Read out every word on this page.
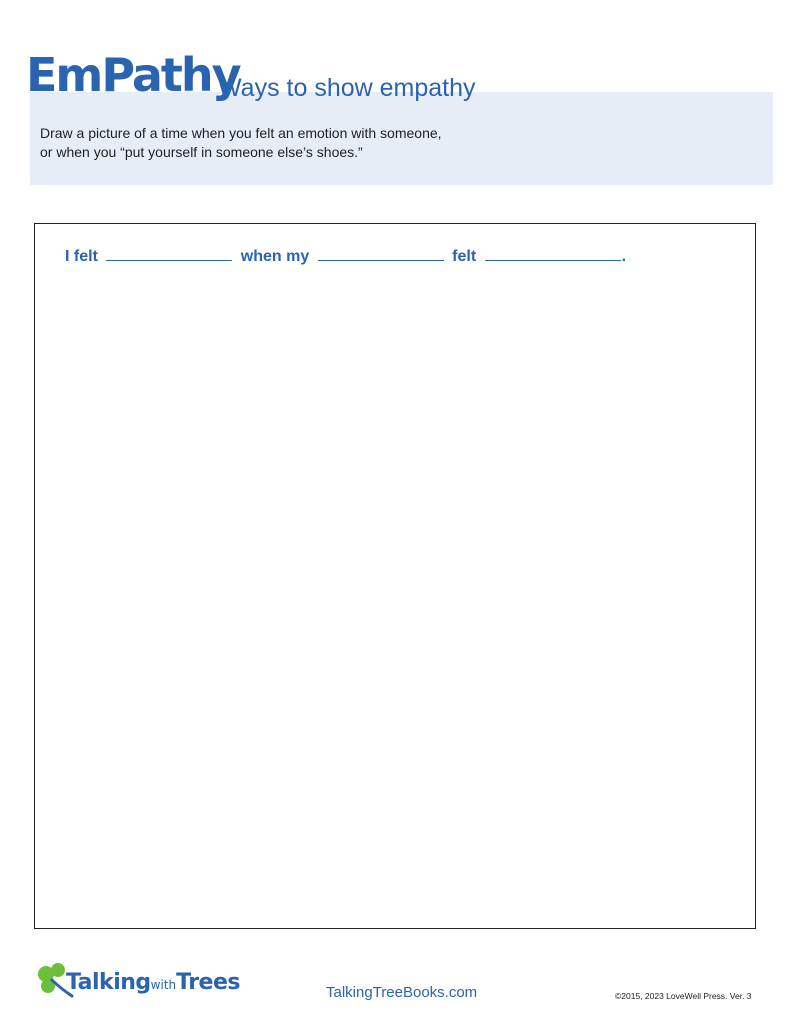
EmPathy
Ways to show empathy
Draw a picture of a time when you felt an emotion with someone,
or when you “put yourself in someone else’s shoes.”
I felt	when my	felt	.
TalkingwithTrees	TalkingTreeBooks.com	©2015, 2023 LoveWell Press. Ver. 3
